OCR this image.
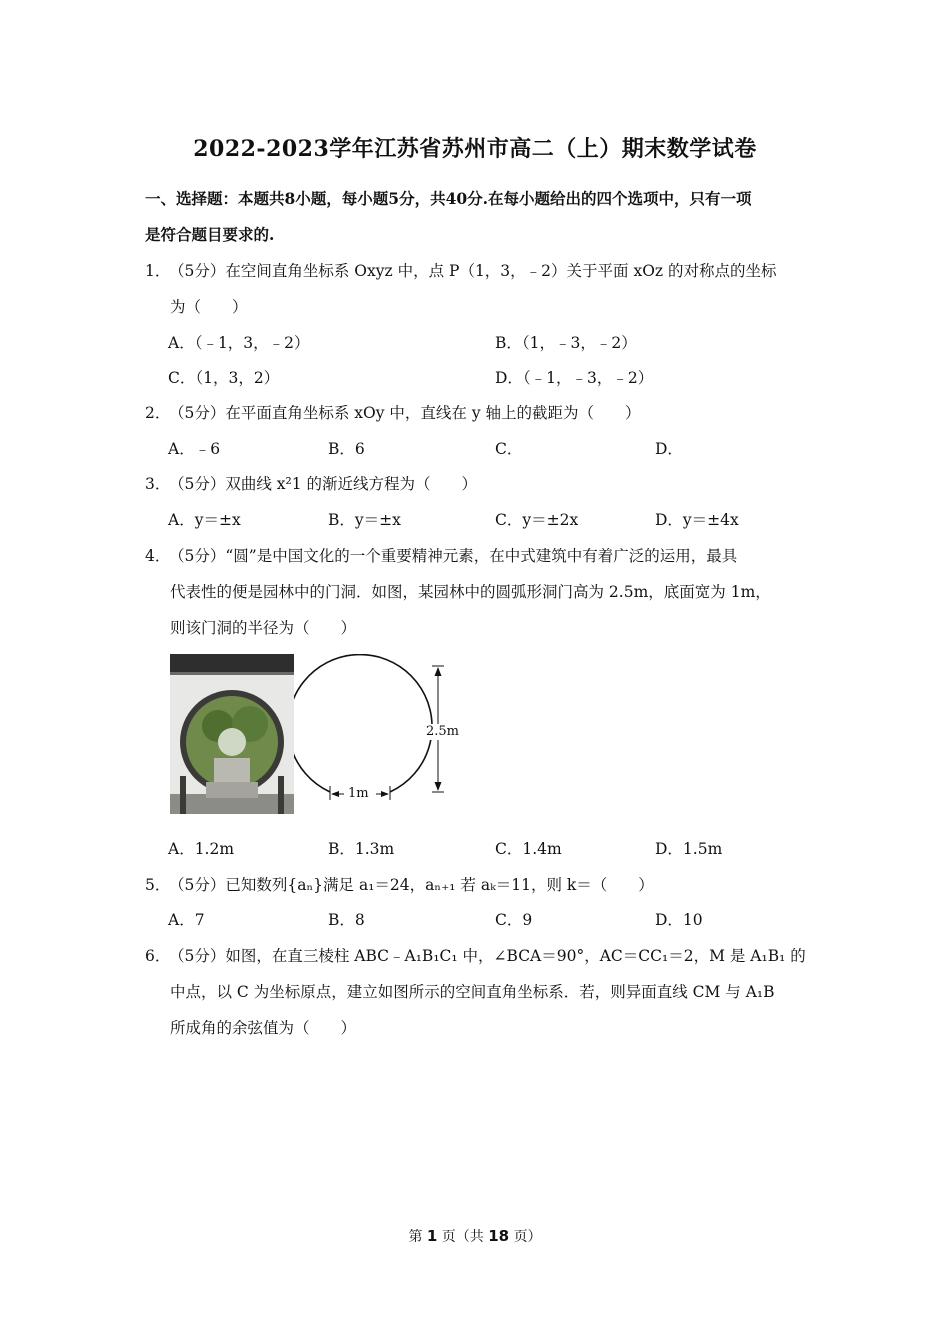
2022-2023学年江苏省苏州市高二（上）期末数学试卷
一、选择题：本题共8小题，每小题5分，共40分.在每小题给出的四个选项中，只有一项
是符合题目要求的.
1．（5分）在空间直角坐标系 Oxyz 中，点 P（1，3，﹣2）关于平面 xOz 的对称点的坐标
为（　　）
A．（﹣1，3，﹣2）	B．（1，﹣3，﹣2）
C．（1，3，2）	D．（﹣1，﹣3，﹣2）
2．（5分）在平面直角坐标系 xOy 中，直线在 y 轴上的截距为（　　）
A．﹣6	B．6	C．	D．
3．（5分）双曲线 x²1 的渐近线方程为（　　）
A．y＝±x	B．y＝±x	C．y＝±2x	D．y＝±4x
4．（5分）“圆”是中国文化的一个重要精神元素，在中式建筑中有着广泛的运用，最具
代表性的便是园林中的门洞．如图，某园林中的圆弧形洞门高为 2.5m，底面宽为 1m，
则该门洞的半径为（　　）
2.5m
1m
A．1.2m	B．1.3m	C．1.4m	D．1.5m
5．（5分）已知数列{aₙ}满足 a₁＝24，aₙ₊₁ 若 aₖ＝11，则 k＝（　　）
A．7	B．8	C．9	D．10
6．（5分）如图，在直三棱柱 ABC﹣A₁B₁C₁ 中，∠BCA＝90°，AC＝CC₁＝2，M 是 A₁B₁ 的
中点，以 C 为坐标原点，建立如图所示的空间直角坐标系．若，则异面直线 CM 与 A₁B
所成角的余弦值为（　　）
第 1 页（共 18 页）
